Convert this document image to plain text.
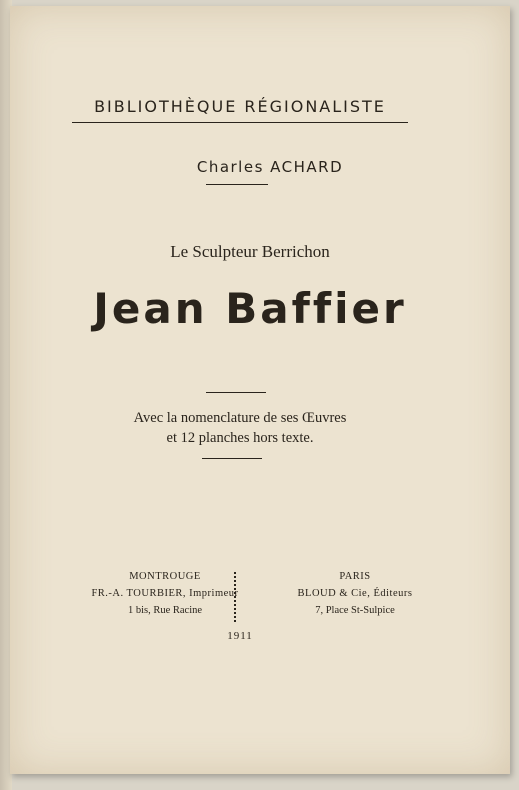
BIBLIOTHÈQUE RÉGIONALISTE
Charles ACHARD
Le Sculpteur Berrichon
Jean Baffier
Avec la nomenclature de ses Œuvres
et 12 planches hors texte.
MONTROUGE
FR.-A. TOURBIER, Imprimeur
1 bis, Rue Racine
PARIS
BLOUD & Cie, Éditeurs
7, Place St-Sulpice
1911
